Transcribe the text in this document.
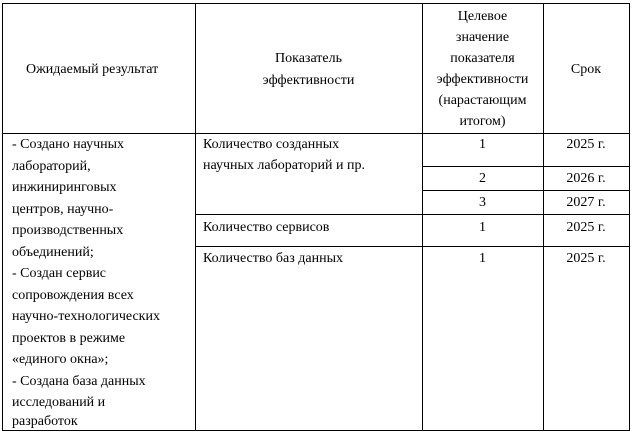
Ожидаемый результат
Показатель
эффективности
Целевое
значение
показателя
эффективности
(нарастающим
итогом)
Срок
- Создано научных
лабораторий,
инжиниринговых
центров, научно-
производственных
объединений;
- Создан сервис
сопровождения всех
научно-технологических
проектов в режиме
«единого окна»;
- Создана база данных
исследований и
разработок
Количество созданных
научных лабораторий и пр.
Количество сервисов
Количество баз данных
1
2
3
1
1
2025 г.
2026 г.
2027 г.
2025 г.
2025 г.
